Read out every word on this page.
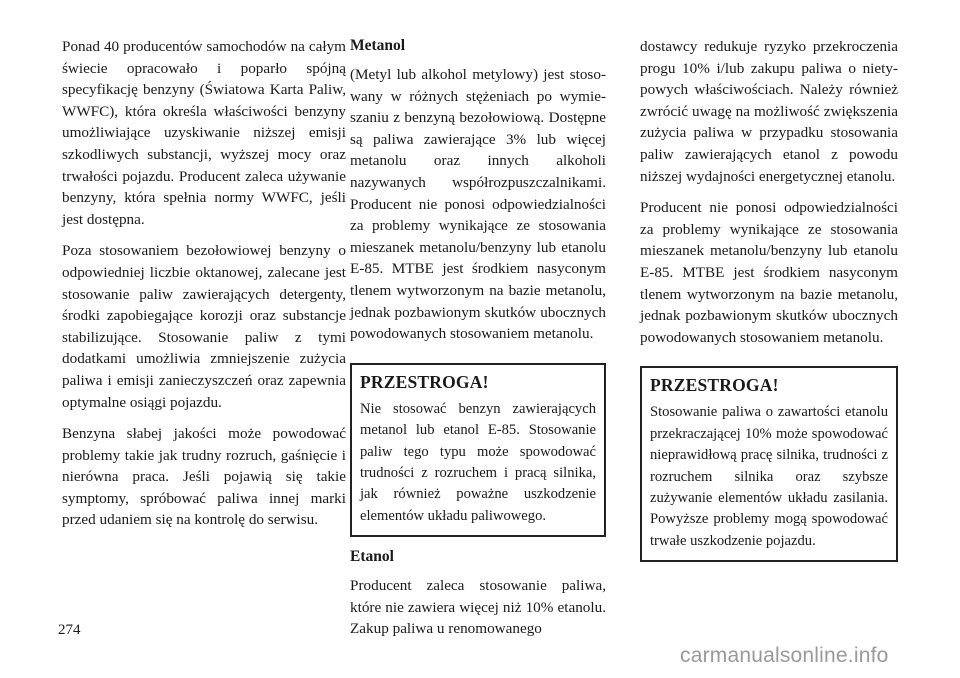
Ponad 40 producentów samochodów na całym świecie opracowało i poparło spójną specyfikację benzyny (Światowa Karta Paliw, WWFC), która określa właściwości benzyny umożliwiające uzyskiwanie niższej emisji szkodliwych substancji, wyższej mocy oraz trwałości pojazdu. Producent zaleca używanie benzyny, która spełnia normy WWFC, jeśli jest dostępna.

Poza stosowaniem bezołowiowej benzyny o odpowiedniej liczbie oktanowej, zalecane jest stosowanie paliw zawierających detergenty, środki zapobiegające korozji oraz substancje stabilizujące. Stosowanie paliw z tymi dodatkami umożliwia zmniejszenie zużycia paliwa i emisji zanieczyszczeń oraz zapewnia optymalne osiągi pojazdu.

Benzyna słabej jakości może powodować problemy takie jak trudny rozruch, gaśnięcie i nierówna praca. Jeśli pojawią się takie symptomy, spróbować paliwa innej marki przed udaniem się na kontrolę do serwisu.

Metanol

(Metyl lub alkohol metylowy) jest stosowany w różnych stężeniach po wymieszaniu z benzyną bezołowiową. Dostępne są paliwa zawierające 3% lub więcej metanolu oraz innych alkoholi nazywanych współrozpuszczalnikami. Producent nie ponosi odpowiedzialności za problemy wynikające ze stosowania mieszanek metanolu/benzyny lub etanolu E-85. MTBE jest środkiem nasyconym tlenem wytworzonym na bazie metanolu, jednak pozbawionym skutków ubocznych powodowanych stosowaniem metanolu.

PRZESTROGA!

Nie stosować benzyn zawierających metanol lub etanol E-85. Stosowanie paliw tego typu może spowodować trudności z rozruchem i pracą silnika, jak również poważne uszkodzenie elementów układu paliwowego.

Etanol

Producent zaleca stosowanie paliwa, które nie zawiera więcej niż 10% etanolu. Zakup paliwa u renomowanego

dostawcy redukuje ryzyko przekroczenia progu 10% i/lub zakupu paliwa o nietypowych właściwościach. Należy również zwrócić uwagę na możliwość zwiększenia zużycia paliwa w przypadku stosowania paliw zawierających etanol z powodu niższej wydajności energetycznej etanolu.

Producent nie ponosi odpowiedzialności za problemy wynikające ze stosowania mieszanek metanolu/benzyny lub etanolu E-85. MTBE jest środkiem nasyconym tlenem wytworzonym na bazie metanolu, jednak pozbawionym skutków ubocznych powodowanych stosowaniem metanolu.

PRZESTROGA!

Stosowanie paliwa o zawartości etanolu przekraczającej 10% może spowodować nieprawidłową pracę silnika, trudności z rozruchem silnika oraz szybsze zużywanie elementów układu zasilania. Powyższe problemy mogą spowodować trwałe uszkodzenie pojazdu.

274
carmanualsonline.info
